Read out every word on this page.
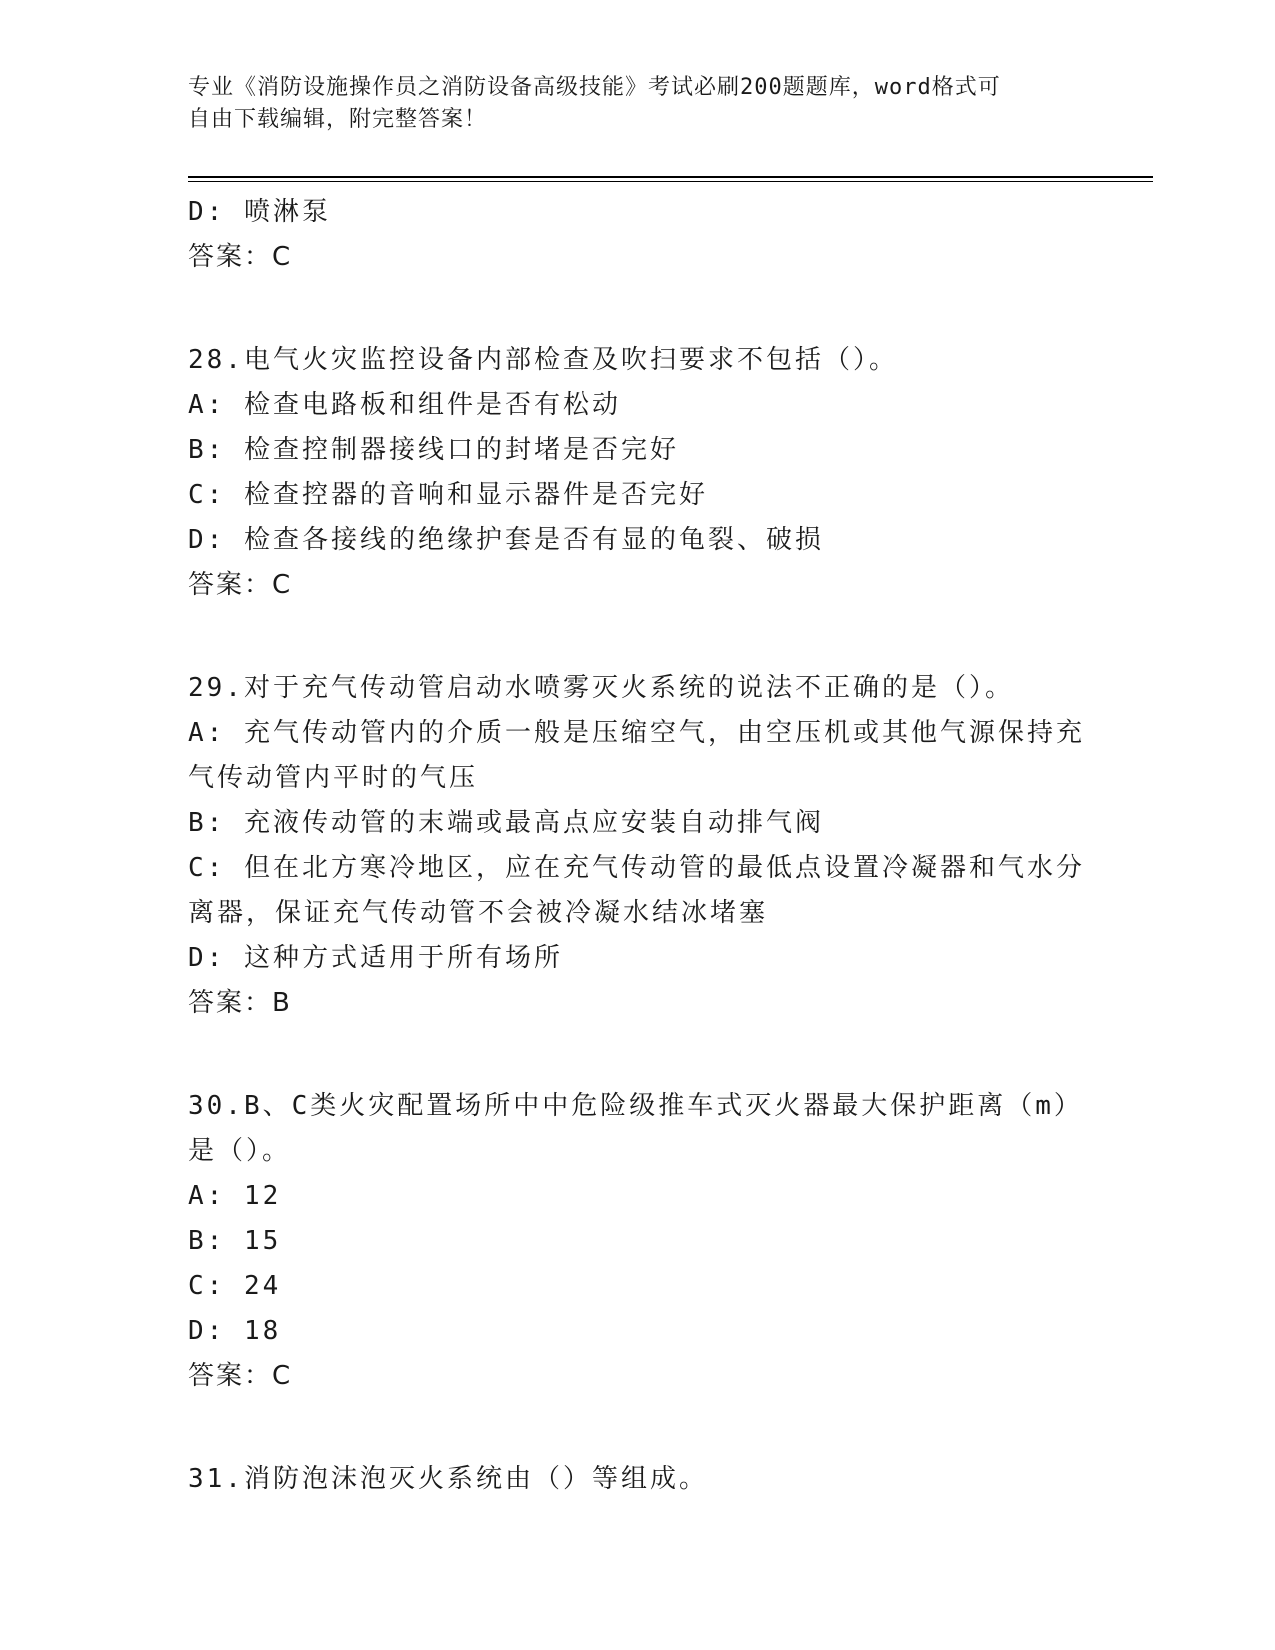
专业《消防设施操作员之消防设备高级技能》考试必刷200题题库，word格式可
自由下载编辑，附完整答案！

D: 喷淋泵

答案：C

28.电气火灾监控设备内部检查及吹扫要求不包括（）。

A: 检查电路板和组件是否有松动

B: 检查控制器接线口的封堵是否完好

C: 检查控器的音响和显示器件是否完好

D: 检查各接线的绝缘护套是否有显的龟裂、破损

答案：C

29.对于充气传动管启动水喷雾灭火系统的说法不正确的是（）。

A: 充气传动管内的介质一般是压缩空气，由空压机或其他气源保持充气传动管内平时的气压

B: 充液传动管的末端或最高点应安装自动排气阀

C: 但在北方寒冷地区，应在充气传动管的最低点设置冷凝器和气水分离器，保证充气传动管不会被冷凝水结冰堵塞

D: 这种方式适用于所有场所

答案：B

30.B、C类火灾配置场所中中危险级推车式灭火器最大保护距离（m）是（）。

A: 12

B: 15

C: 24

D: 18

答案：C

31.消防泡沫泡灭火系统由（）等组成。
